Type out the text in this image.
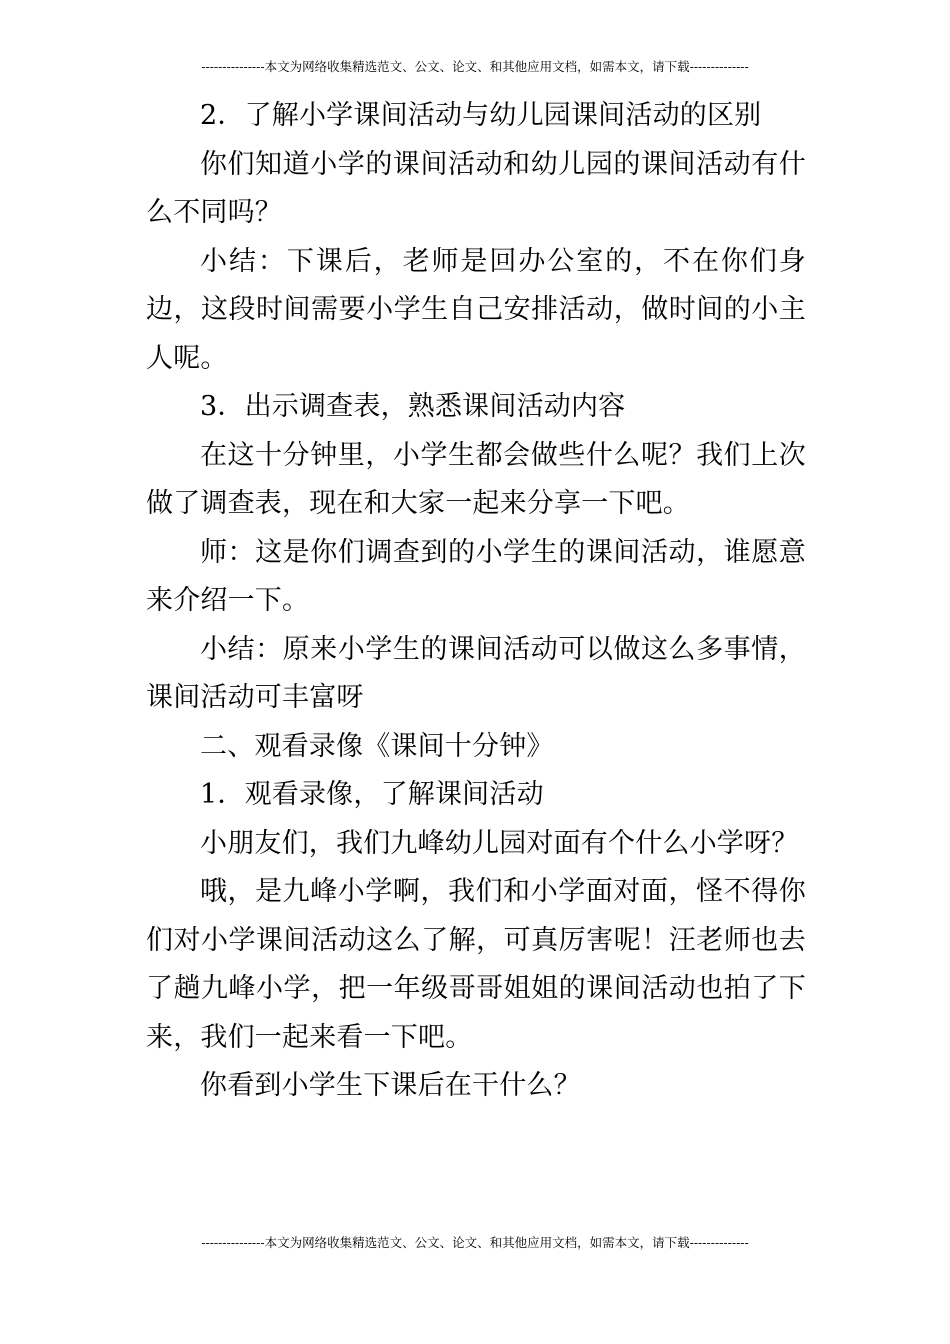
---------------本文为网络收集精选范文、公文、论文、和其他应用文档，如需本文，请下载--------------

2．了解小学课间活动与幼儿园课间活动的区别

你们知道小学的课间活动和幼儿园的课间活动有什么不同吗？

小结：下课后，老师是回办公室的，不在你们身边，这段时间需要小学生自己安排活动，做时间的小主人呢。

3．出示调查表，熟悉课间活动内容

在这十分钟里，小学生都会做些什么呢？我们上次做了调查表，现在和大家一起来分享一下吧。

师：这是你们调查到的小学生的课间活动，谁愿意来介绍一下。

小结：原来小学生的课间活动可以做这么多事情，课间活动可丰富呀

二、观看录像《课间十分钟》

1．观看录像，了解课间活动

小朋友们，我们九峰幼儿园对面有个什么小学呀？

哦，是九峰小学啊，我们和小学面对面，怪不得你们对小学课间活动这么了解，可真厉害呢！汪老师也去了趟九峰小学，把一年级哥哥姐姐的课间活动也拍了下来，我们一起来看一下吧。

你看到小学生下课后在干什么？

---------------本文为网络收集精选范文、公文、论文、和其他应用文档，如需本文，请下载--------------
